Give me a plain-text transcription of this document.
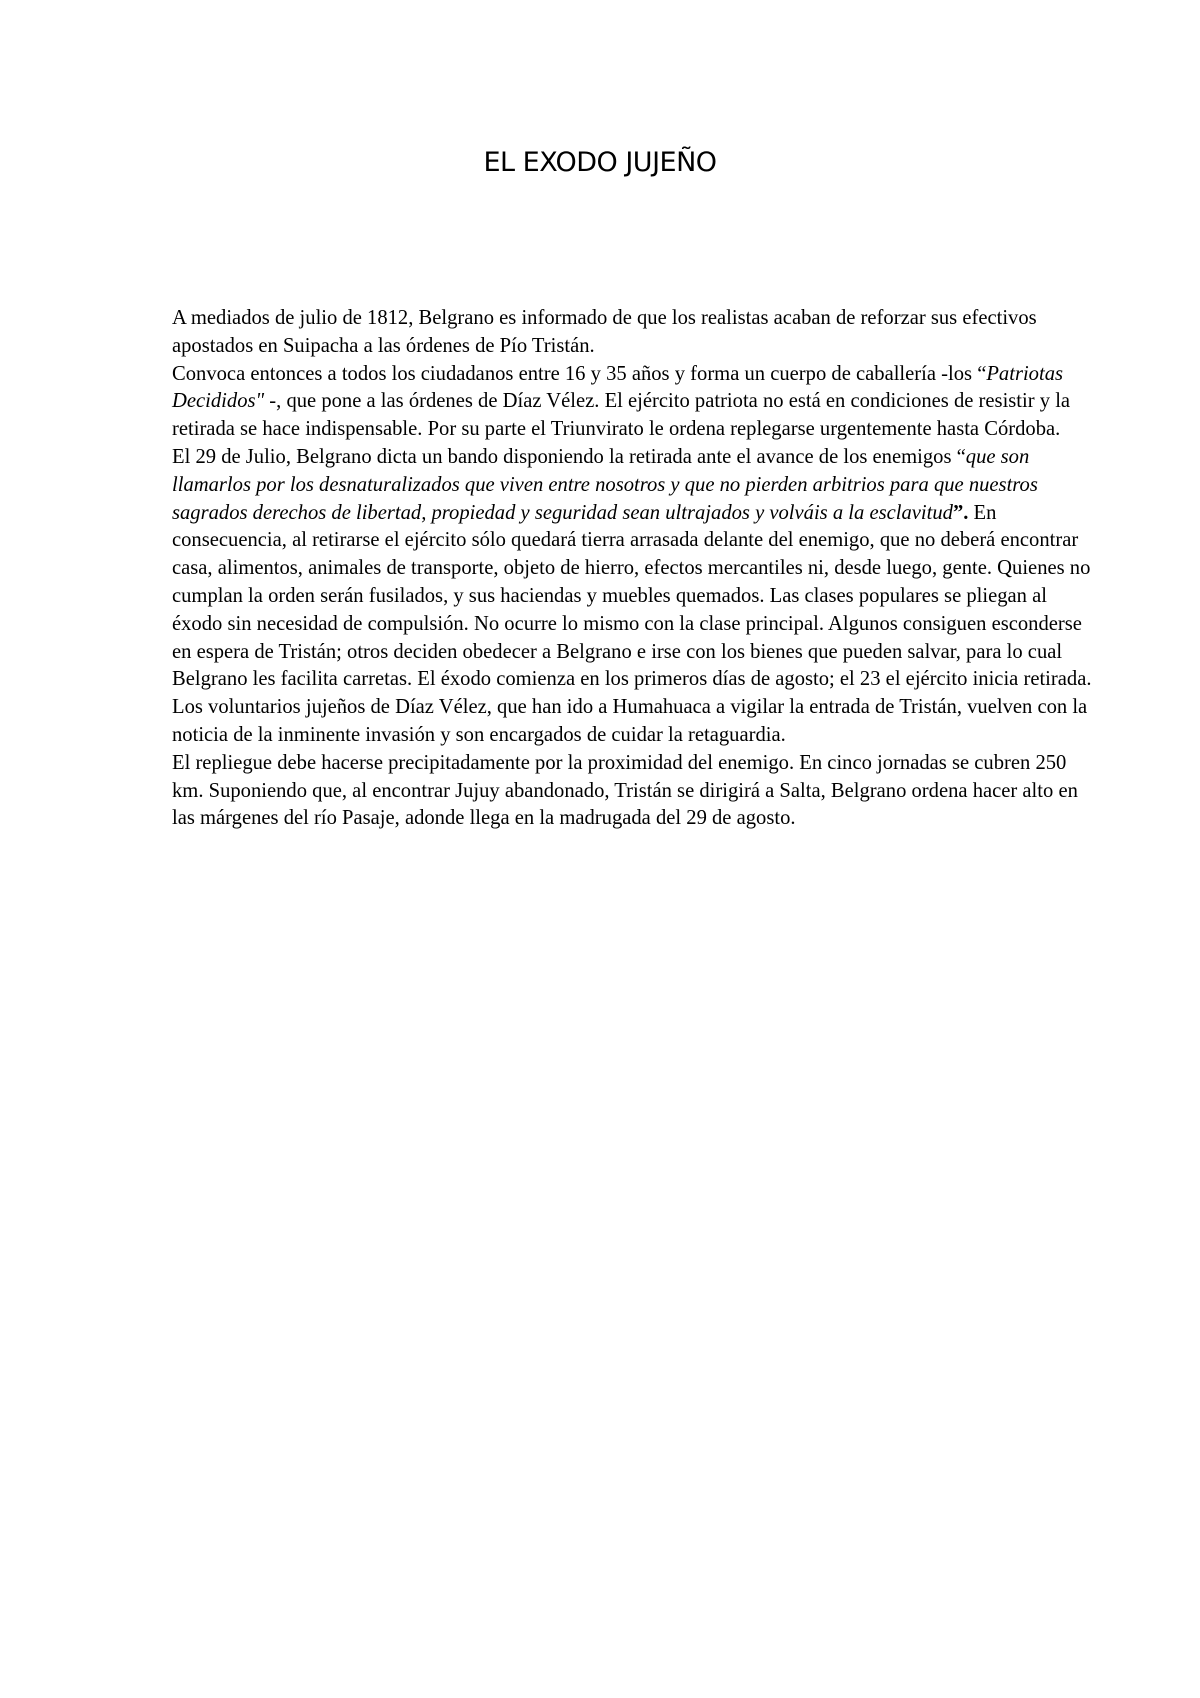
EL EXODO JUJEÑO

A mediados de julio de 1812, Belgrano es informado de que los realistas acaban de reforzar sus efectivos apostados en Suipacha a las órdenes de Pío Tristán.

Convoca entonces a todos los ciudadanos entre 16 y 35 años y forma un cuerpo de caballería -los “Patriotas Decididos" -, que pone a las órdenes de Díaz Vélez. El ejército patriota no está en condiciones de resistir y la retirada se hace indispensable. Por su parte el Triunvirato le ordena replegarse urgentemente hasta Córdoba.

El 29 de Julio, Belgrano dicta un bando disponiendo la retirada ante el avance de los enemigos “que son llamarlos por los desnaturalizados que viven entre nosotros y que no pierden arbitrios para que nuestros sagrados derechos de libertad, propiedad y seguridad sean ultrajados y volváis a la esclavitud”. En consecuencia, al retirarse el ejército sólo quedará tierra arrasada delante del enemigo, que no deberá encontrar casa, alimentos, animales de transporte, objeto de hierro, efectos mercantiles ni, desde luego, gente. Quienes no cumplan la orden serán fusilados, y sus haciendas y muebles quemados. Las clases populares se pliegan al éxodo sin necesidad de compulsión. No ocurre lo mismo con la clase principal. Algunos consiguen esconderse en espera de Tristán; otros deciden obedecer a Belgrano e irse con los bienes que pueden salvar, para lo cual Belgrano les facilita carretas. El éxodo comienza en los primeros días de agosto; el 23 el ejército inicia retirada. Los voluntarios jujeños de Díaz Vélez, que han ido a Humahuaca a vigilar la entrada de Tristán, vuelven con la noticia de la inminente invasión y son encargados de cuidar la retaguardia.

El repliegue debe hacerse precipitadamente por la proximidad del enemigo. En cinco jornadas se cubren 250 km. Suponiendo que, al encontrar Jujuy abandonado, Tristán se dirigirá a Salta, Belgrano ordena hacer alto en las márgenes del río Pasaje, adonde llega en la madrugada del 29 de agosto.
